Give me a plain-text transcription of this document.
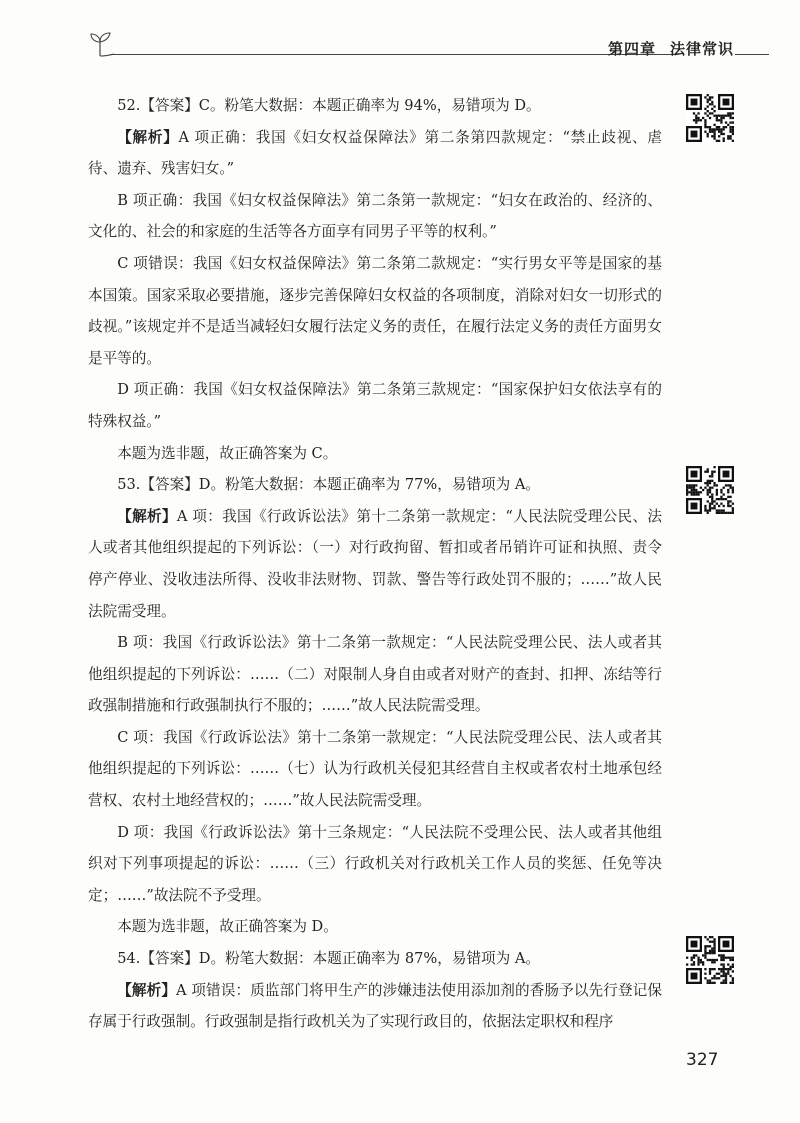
第四章 法律常识

52.【答案】C。粉笔大数据：本题正确率为 94%，易错项为 D。

【解析】A 项正确：我国《妇女权益保障法》第二条第四款规定：“禁止歧视、虐待、遗弃、残害妇女。”

B 项正确：我国《妇女权益保障法》第二条第一款规定：“妇女在政治的、经济的、文化的、社会的和家庭的生活等各方面享有同男子平等的权利。”

C 项错误：我国《妇女权益保障法》第二条第二款规定：“实行男女平等是国家的基本国策。国家采取必要措施，逐步完善保障妇女权益的各项制度，消除对妇女一切形式的歧视。”该规定并不是适当减轻妇女履行法定义务的责任，在履行法定义务的责任方面男女是平等的。

D 项正确：我国《妇女权益保障法》第二条第三款规定：“国家保护妇女依法享有的特殊权益。”

本题为选非题，故正确答案为 C。

53.【答案】D。粉笔大数据：本题正确率为 77%，易错项为 A。

【解析】A 项：我国《行政诉讼法》第十二条第一款规定：“人民法院受理公民、法人或者其他组织提起的下列诉讼：（一）对行政拘留、暂扣或者吊销许可证和执照、责令停产停业、没收违法所得、没收非法财物、罚款、警告等行政处罚不服的；……”故人民法院需受理。

B 项：我国《行政诉讼法》第十二条第一款规定：“人民法院受理公民、法人或者其他组织提起的下列诉讼：……（二）对限制人身自由或者对财产的查封、扣押、冻结等行政强制措施和行政强制执行不服的；……”故人民法院需受理。

C 项：我国《行政诉讼法》第十二条第一款规定：“人民法院受理公民、法人或者其他组织提起的下列诉讼：……（七）认为行政机关侵犯其经营自主权或者农村土地承包经营权、农村土地经营权的；……”故人民法院需受理。

D 项：我国《行政诉讼法》第十三条规定：“人民法院不受理公民、法人或者其他组织对下列事项提起的诉讼：……（三）行政机关对行政机关工作人员的奖惩、任免等决定；……”故法院不予受理。

本题为选非题，故正确答案为 D。

54.【答案】D。粉笔大数据：本题正确率为 87%，易错项为 A。

【解析】A 项错误：质监部门将甲生产的涉嫌违法使用添加剂的香肠予以先行登记保存属于行政强制。行政强制是指行政机关为了实现行政目的，依据法定职权和程序

327
